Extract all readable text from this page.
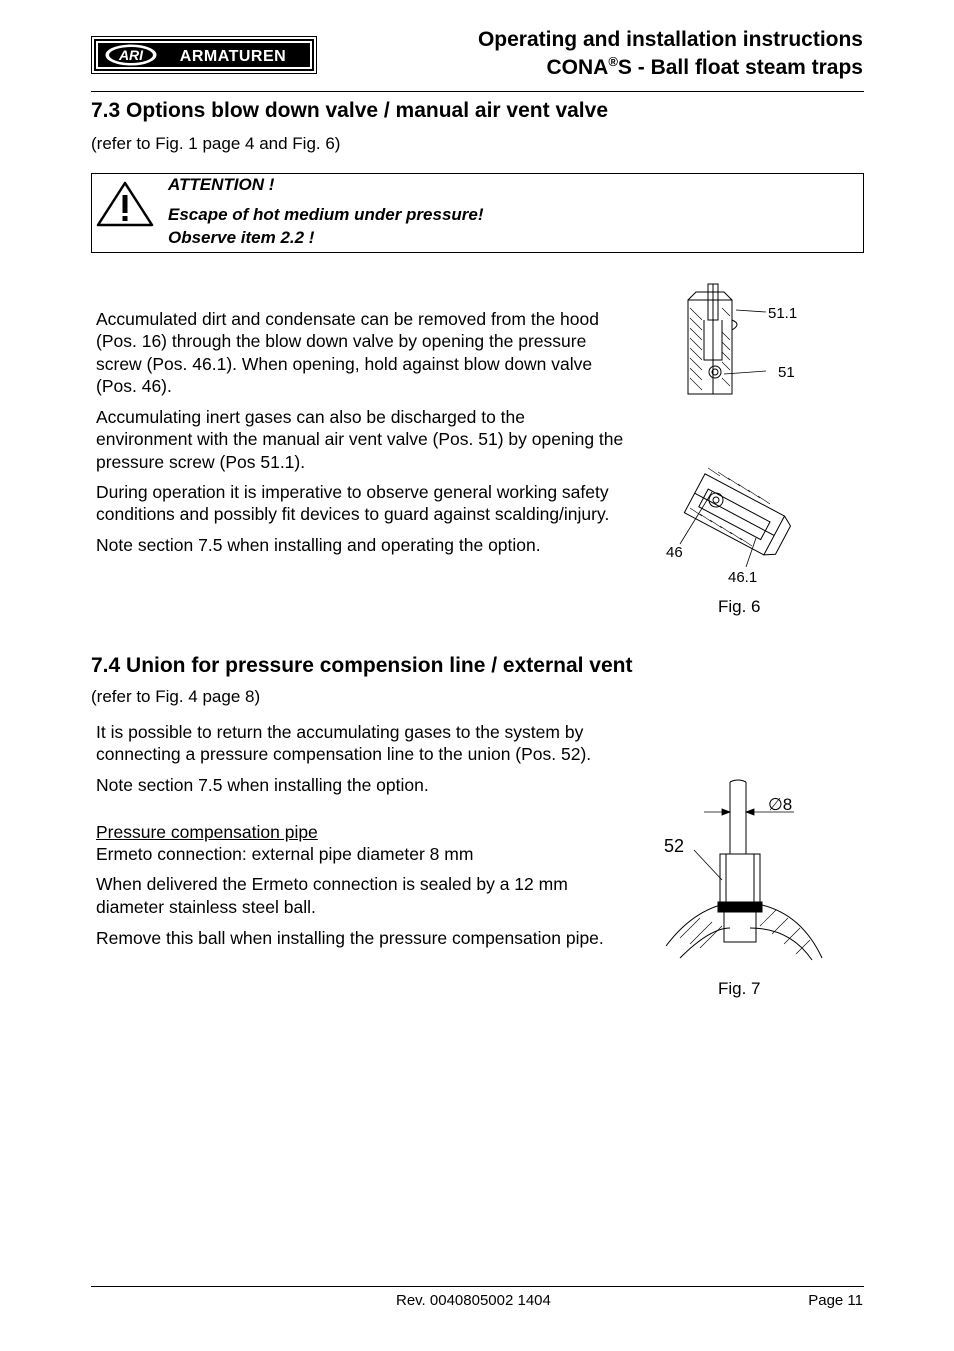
ARI ARMATUREN
Operating and installation instructions
CONA®S - Ball float steam traps
7.3 Options blow down valve / manual air vent valve
(refer to Fig. 1 page 4 and Fig. 6)
ATTENTION !
Escape of hot medium under pressure!
Observe item 2.2 !

Accumulated dirt and condensate can be removed from the hood (Pos. 16) through the blow down valve by opening the pressure screw (Pos. 46.1). When opening, hold against blow down valve (Pos. 46).

Accumulating inert gases can also be discharged to the environment with the manual air vent valve (Pos. 51) by opening the pressure screw (Pos 51.1).

During operation it is imperative to observe general working safety conditions and possibly fit devices to guard against scalding/injury.

Note section 7.5 when installing and operating the option.

51.1
51
46
46.1
Fig. 6
7.4 Union for pressure compension line / external vent
(refer to Fig. 4 page 8)

It is possible to return the accumulating gases to the system by connecting a pressure compensation line to the union (Pos. 52).

Note section 7.5 when installing the option.

Pressure compensation pipe

Ermeto connection: external pipe diameter 8 mm

When delivered the Ermeto connection is sealed by a 12 mm diameter stainless steel ball.

Remove this ball when installing the pressure compensation pipe.

∅8
52
Fig. 7
Rev. 0040805002 1404	Page 11
